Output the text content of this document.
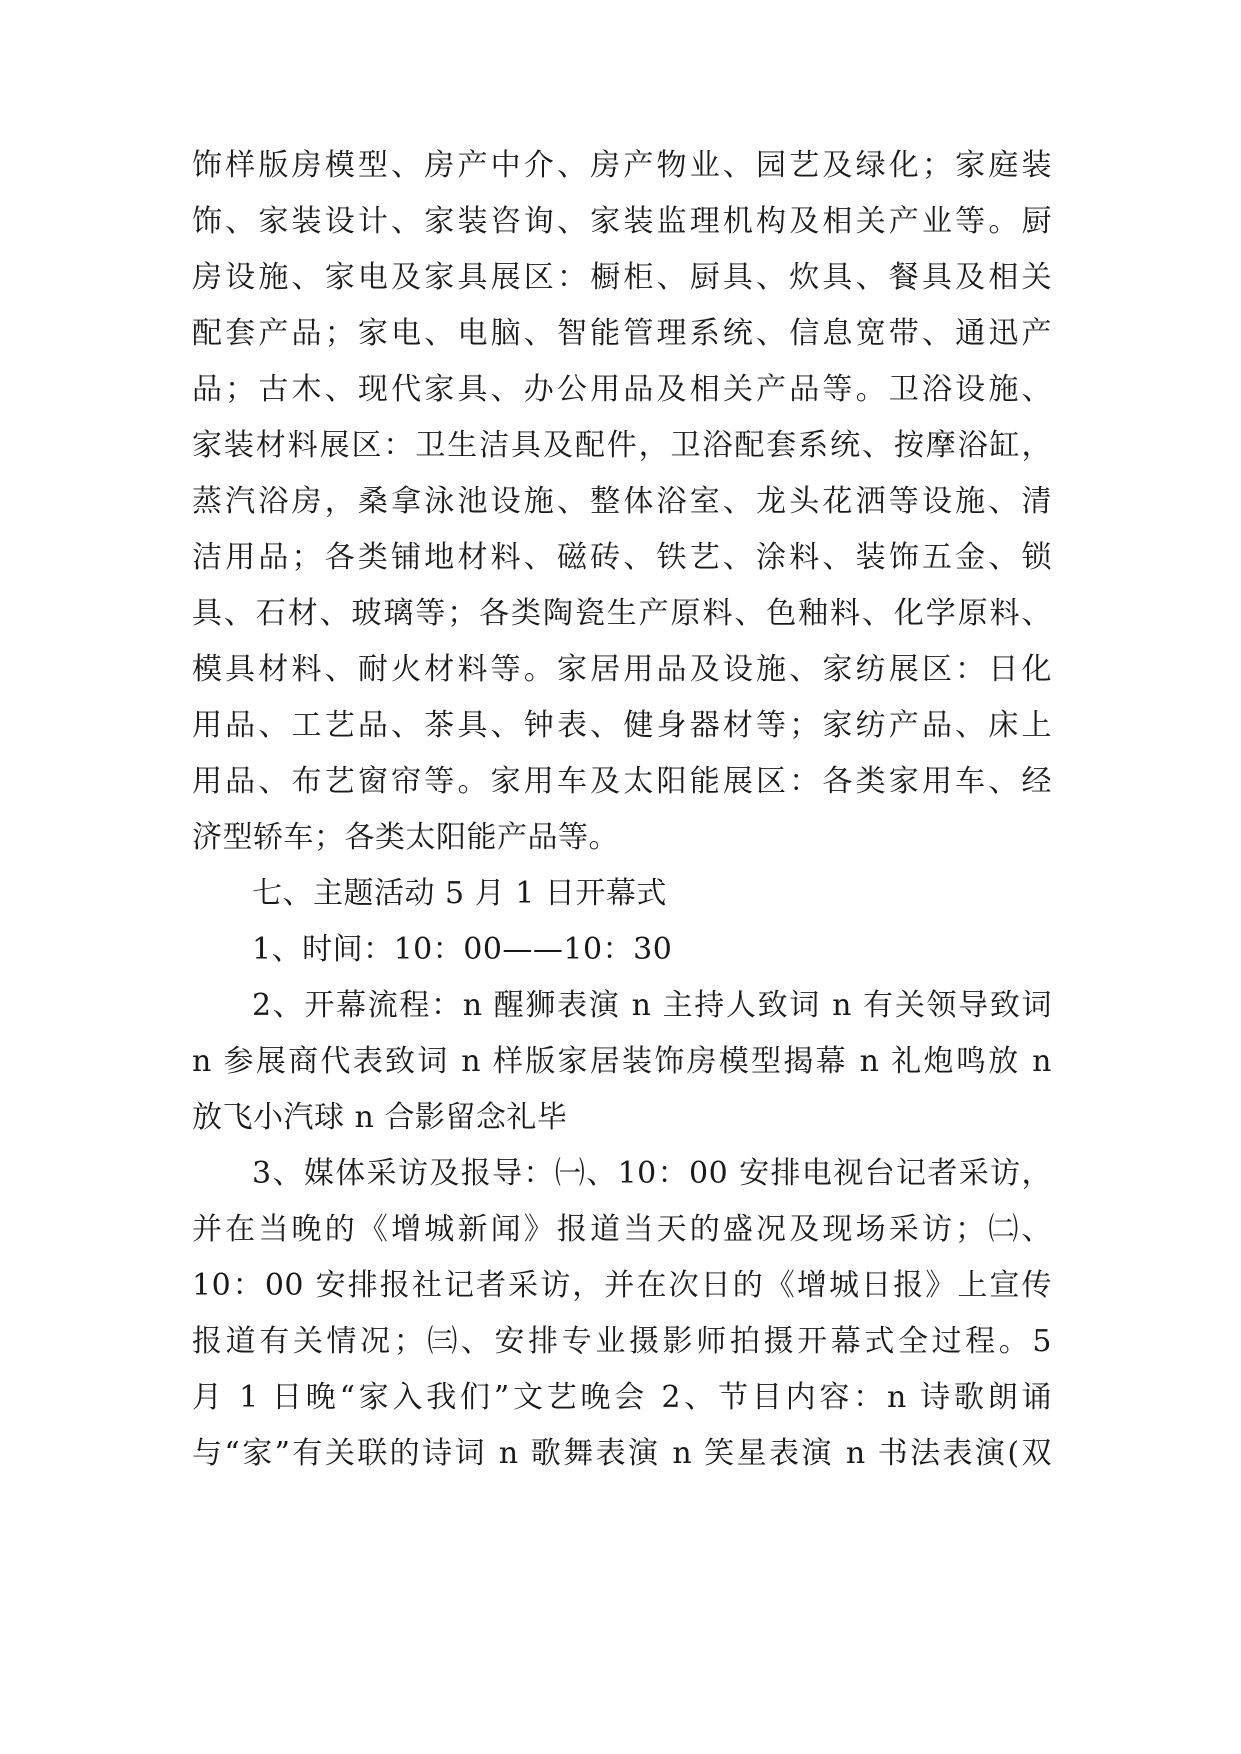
饰样版房模型、房产中介、房产物业、园艺及绿化；家庭装
饰、家装设计、家装咨询、家装监理机构及相关产业等。厨
房设施、家电及家具展区：橱柜、厨具、炊具、餐具及相关
配套产品；家电、电脑、智能管理系统、信息宽带、通迅产
品；古木、现代家具、办公用品及相关产品等。卫浴设施、
家装材料展区：卫生洁具及配件，卫浴配套系统、按摩浴缸，
蒸汽浴房，桑拿泳池设施、整体浴室、龙头花洒等设施、清
洁用品；各类铺地材料、磁砖、铁艺、涂料、装饰五金、锁
具、石材、玻璃等；各类陶瓷生产原料、色釉料、化学原料、
模具材料、耐火材料等。家居用品及设施、家纺展区：日化
用品、工艺品、茶具、钟表、健身器材等；家纺产品、床上
用品、布艺窗帘等。家用车及太阳能展区：各类家用车、经
济型轿车；各类太阳能产品等。
七、主题活动 5 月 1 日开幕式
1、时间：10：00——10：30
2、开幕流程：n 醒狮表演 n 主持人致词 n 有关领导致词
n 参展商代表致词 n 样版家居装饰房模型揭幕 n 礼炮鸣放 n
放飞小汽球 n 合影留念礼毕
3、媒体采访及报导：㈠、10：00 安排电视台记者采访，
并在当晚的《增城新闻》报道当天的盛况及现场采访；㈡、
10：00 安排报社记者采访，并在次日的《增城日报》上宣传
报道有关情况；㈢、安排专业摄影师拍摄开幕式全过程。5
月 1 日晚“家入我们”文艺晚会 2、节目内容：n 诗歌朗诵
与“家”有关联的诗词 n 歌舞表演 n 笑星表演 n 书法表演(双
